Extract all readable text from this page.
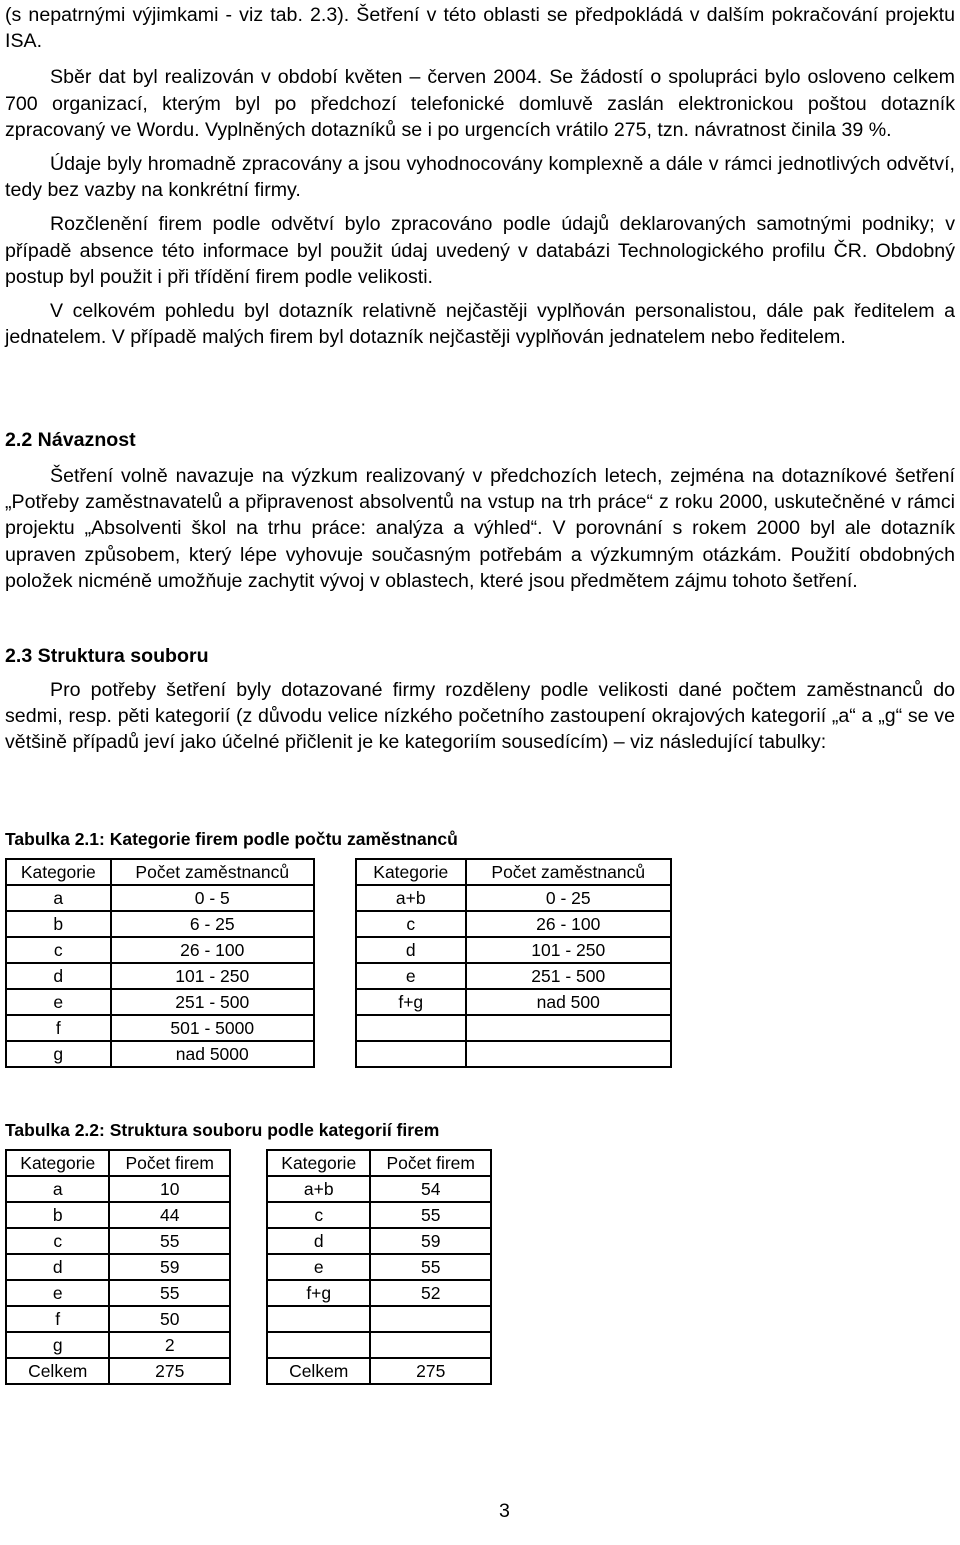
(s nepatrnými výjimkami - viz tab. 2.3). Šetření v této oblasti se předpokládá v dalším pokračování projektu ISA.

Sběr dat byl realizován v období květen – červen 2004. Se žádostí o spolupráci bylo osloveno celkem 700 organizací, kterým byl po předchozí telefonické domluvě zaslán elektronickou poštou dotazník zpracovaný ve Wordu. Vyplněných dotazníků se i po urgencích vrátilo 275, tzn. návratnost činila 39 %.

Údaje byly hromadně zpracovány a jsou vyhodnocovány komplexně a dále v rámci jednotlivých odvětví, tedy bez vazby na konkrétní firmy.

Rozčlenění firem podle odvětví bylo zpracováno podle údajů deklarovaných samotnými podniky; v případě absence této informace byl použit údaj uvedený v databázi Technologického profilu ČR. Obdobný postup byl použit i při třídění firem podle velikosti.

V celkovém pohledu byl dotazník relativně nejčastěji vyplňován personalistou, dále pak ředitelem a jednatelem. V případě malých firem byl dotazník nejčastěji vyplňován jednatelem nebo ředitelem.

2.2 Návaznost

Šetření volně navazuje na výzkum realizovaný v předchozích letech, zejména na dotazníkové šetření „Potřeby zaměstnavatelů a připravenost absolventů na vstup na trh práce“ z roku 2000, uskutečněné v rámci projektu „Absolventi škol na trhu práce: analýza a výhled“. V porovnání s rokem 2000 byl ale dotazník upraven způsobem, který lépe vyhovuje současným potřebám a výzkumným otázkám. Použití obdobných položek nicméně umožňuje zachytit vývoj v oblastech, které jsou předmětem zájmu tohoto šetření.

2.3 Struktura souboru

Pro potřeby šetření byly dotazované firmy rozděleny podle velikosti dané počtem zaměstnanců do sedmi, resp. pěti kategorií (z důvodu velice nízkého početního zastoupení okrajových kategorií „a“ a „g“ se ve většině případů jeví jako účelné přičlenit je ke kategoriím sousedícím) – viz následující tabulky:

Tabulka 2.1: Kategorie firem podle počtu zaměstnanců
Kategorie	Počet zaměstnanců
a	0 - 5
b	6 - 25
c	26 - 100
d	101 - 250
e	251 - 500
f	501 - 5000
g	nad 5000
Kategorie	Počet zaměstnanců
a+b	0 - 25
c	26 - 100
d	101 - 250
e	251 - 500
f+g	nad 500

Tabulka 2.2: Struktura souboru podle kategorií firem
Kategorie	Počet firem
a	10
b	44
c	55
d	59
e	55
f	50
g	2
Celkem	275
Kategorie	Počet firem
a+b	54
c	55
d	59
e	55
f+g	52

Celkem	275
3
